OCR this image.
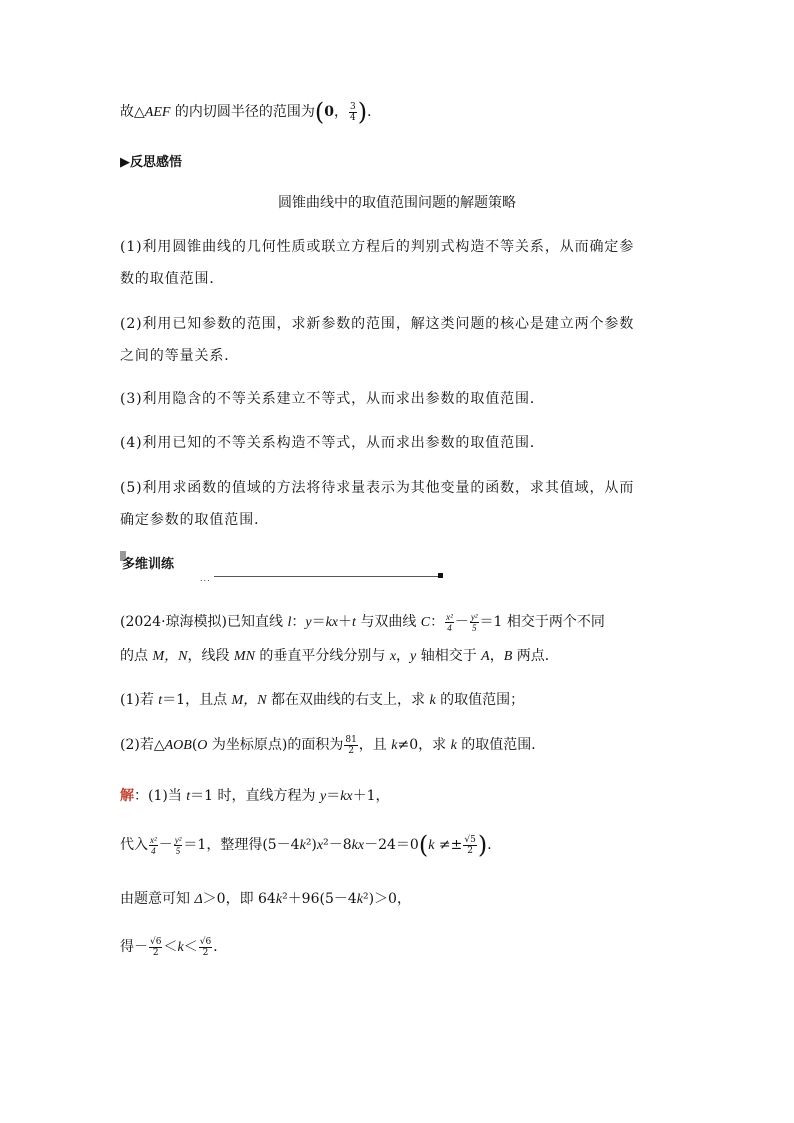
故△AEF 的内切圆半径的范围为(0， $\frac{3}{4}$ )．
▶反思感悟
圆锥曲线中的取值范围问题的解题策略
(1)利用圆锥曲线的几何性质或联立方程后的判别式构造不等关系，从而确定参
数的取值范围．
(2)利用已知参数的范围，求新参数的范围，解这类问题的核心是建立两个参数
之间的等量关系．
(3)利用隐含的不等关系建立不等式，从而求出参数的取值范围．
(4)利用已知的不等关系构造不等式，从而求出参数的取值范围．
(5)利用求函数的值域的方法将待求量表示为其他变量的函数，求其值域，从而
确定参数的取值范围．
多维训练
...
(2024·琼海模拟)已知直线 l：y＝kx＋t 与双曲线 C： $\frac{\text{x²}}{4} - \frac{\text{y²}}{5} =1$ 相交于两个不同
的点 M，N，线段 MN 的垂直平分线分别与 x，y 轴相交于 A，B 两点．
(1)若 t＝1，且点 M，N 都在双曲线的右支上，求 k 的取值范围；
(2)若△AOB(O 为坐标原点)的面积为 $\frac{81}{2}$ ，且 k≠0，求 k 的取值范围．
解：(1)当 t＝1 时，直线方程为 y＝kx＋1，
代入 $\frac{\text{x²}}{4} - \frac{\text{y²}}{5} =1$，整理得(5－4k²)x²－8kx－24＝0(k ≠± √ $\frac{5}{2}$ )．
由题意可知 Δ＞0，即 64k²＋96(5－4k²)＞0，
得－ √ $\frac{6}{2} <k<$ √ $\frac{6}{2}$ ．
